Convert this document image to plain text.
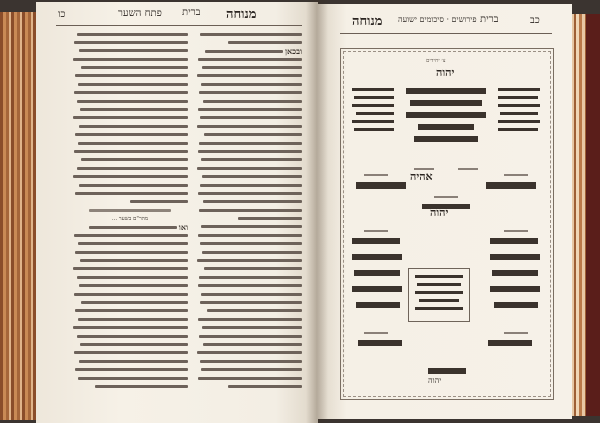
כו	פתח השער ברית מנוחה
ובכאן
מהר"ם בשער ...
ואו
מנוחה פירושים · סיכומים ישועה ברית	כב
צ׳ יחידים
יהוה
אהיה
יהוה
יהוה
